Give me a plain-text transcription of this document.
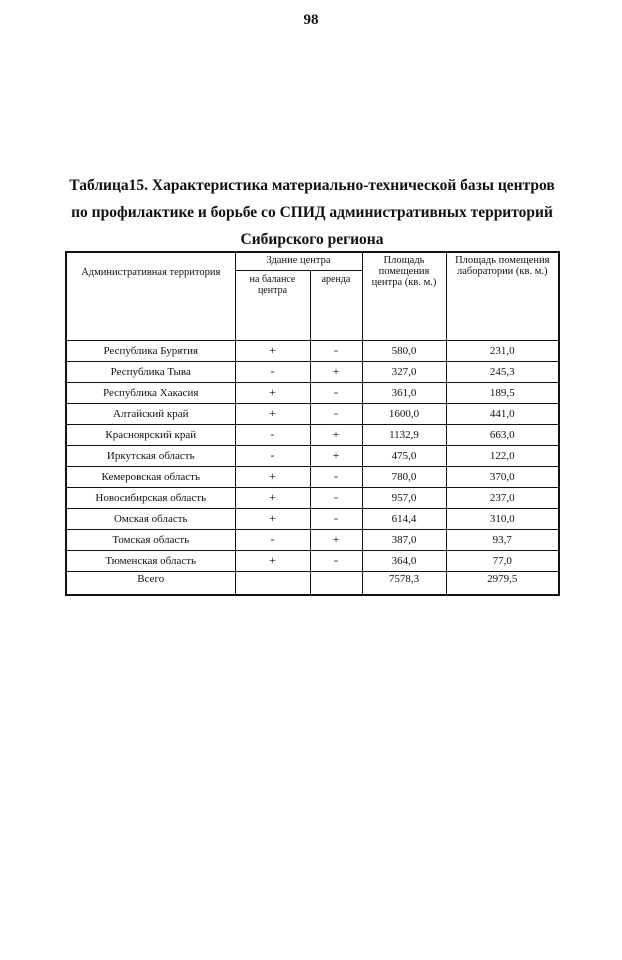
98
Таблица15. Характеристика материально-технической базы центров
по профилактике и борьбе со СПИД административных территорий
Сибирского региона
Административная территория	Здание центра		Площадь помещения центра (кв. м.)	Площадь помещения лаборатории (кв. м.)
	на балансе центра	аренда		
Республика Бурятия	+	-	580,0	231,0
Республика Тыва	-	+	327,0	245,3
Республика Хакасия	+	-	361,0	189,5
Алтайский край	+	-	1600,0	441,0
Красноярский край	-	+	1132,9	663,0
Иркутская область	-	+	475,0	122,0
Кемеровская область	+	-	780,0	370,0
Новосибирская область	+	-	957,0	237,0
Омская область	+	-	614,4	310,0
Томская область	-	+	387,0	93,7
Тюменская область	+	-	364,0	77,0
Всего			7578,3	2979,5
